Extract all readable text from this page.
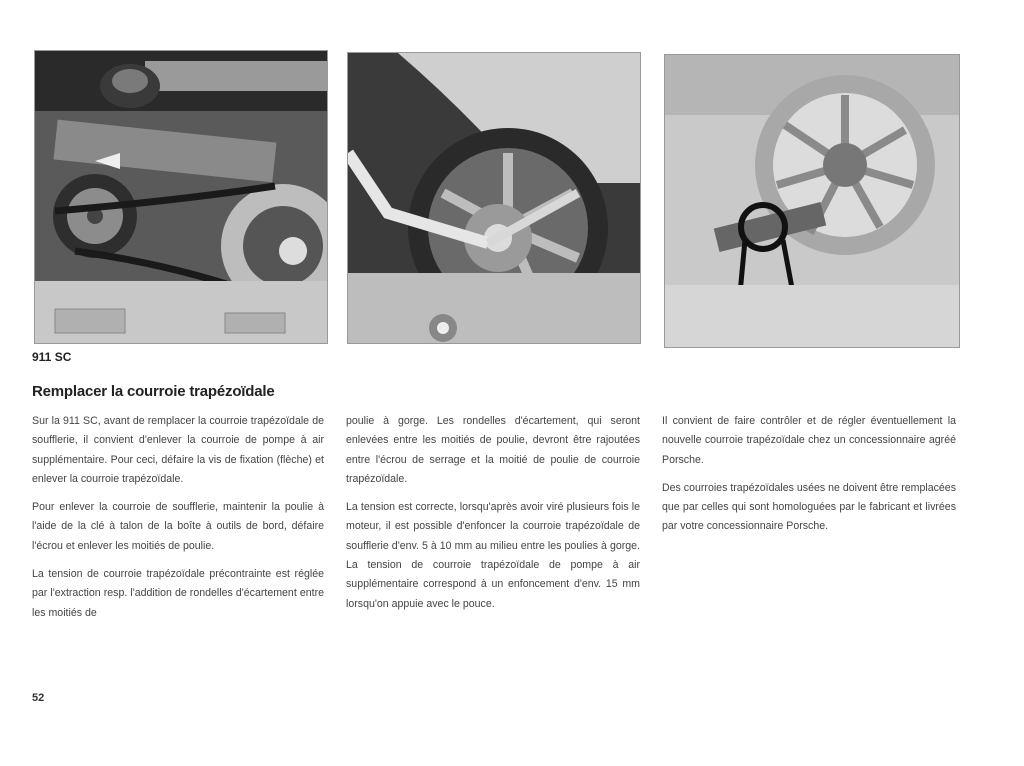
911 SC
Remplacer la courroie trapézoïdale

Sur la 911 SC, avant de remplacer la courroie trapézoïdale de soufflerie, il convient d'enlever la courroie de pompe à air supplémentaire. Pour ceci, défaire la vis de fixation (flèche) et enlever la courroie trapézoïdale.

Pour enlever la courroie de soufflerie, maintenir la poulie à l'aide de la clé à talon de la boîte à outils de bord, défaire l'écrou et enlever les moitiés de poulie.

La tension de courroie trapézoïdale précontrainte est réglée par l'extraction resp. l'addition de rondelles d'écartement entre les moitiés de

poulie à gorge. Les rondelles d'écartement, qui seront enlevées entre les moitiés de poulie, devront être rajoutées entre l'écrou de serrage et la moitié de poulie de courroie trapézoïdale.

La tension est correcte, lorsqu'après avoir viré plusieurs fois le moteur, il est possible d'enfoncer la courroie trapézoïdale de soufflerie d'env. 5 à 10 mm au milieu entre les poulies à gorge. La tension de courroie trapézoïdale de pompe à air supplémentaire correspond à un enfoncement d'env. 15 mm lorsqu'on appuie avec le pouce.

Il convient de faire contrôler et de régler éventuellement la nouvelle courroie trapézoïdale chez un concessionnaire agréé Porsche.

Des courroies trapézoïdales usées ne doivent être remplacées que par celles qui sont homologuées par le fabricant et livrées par votre concessionnaire Porsche.

52
